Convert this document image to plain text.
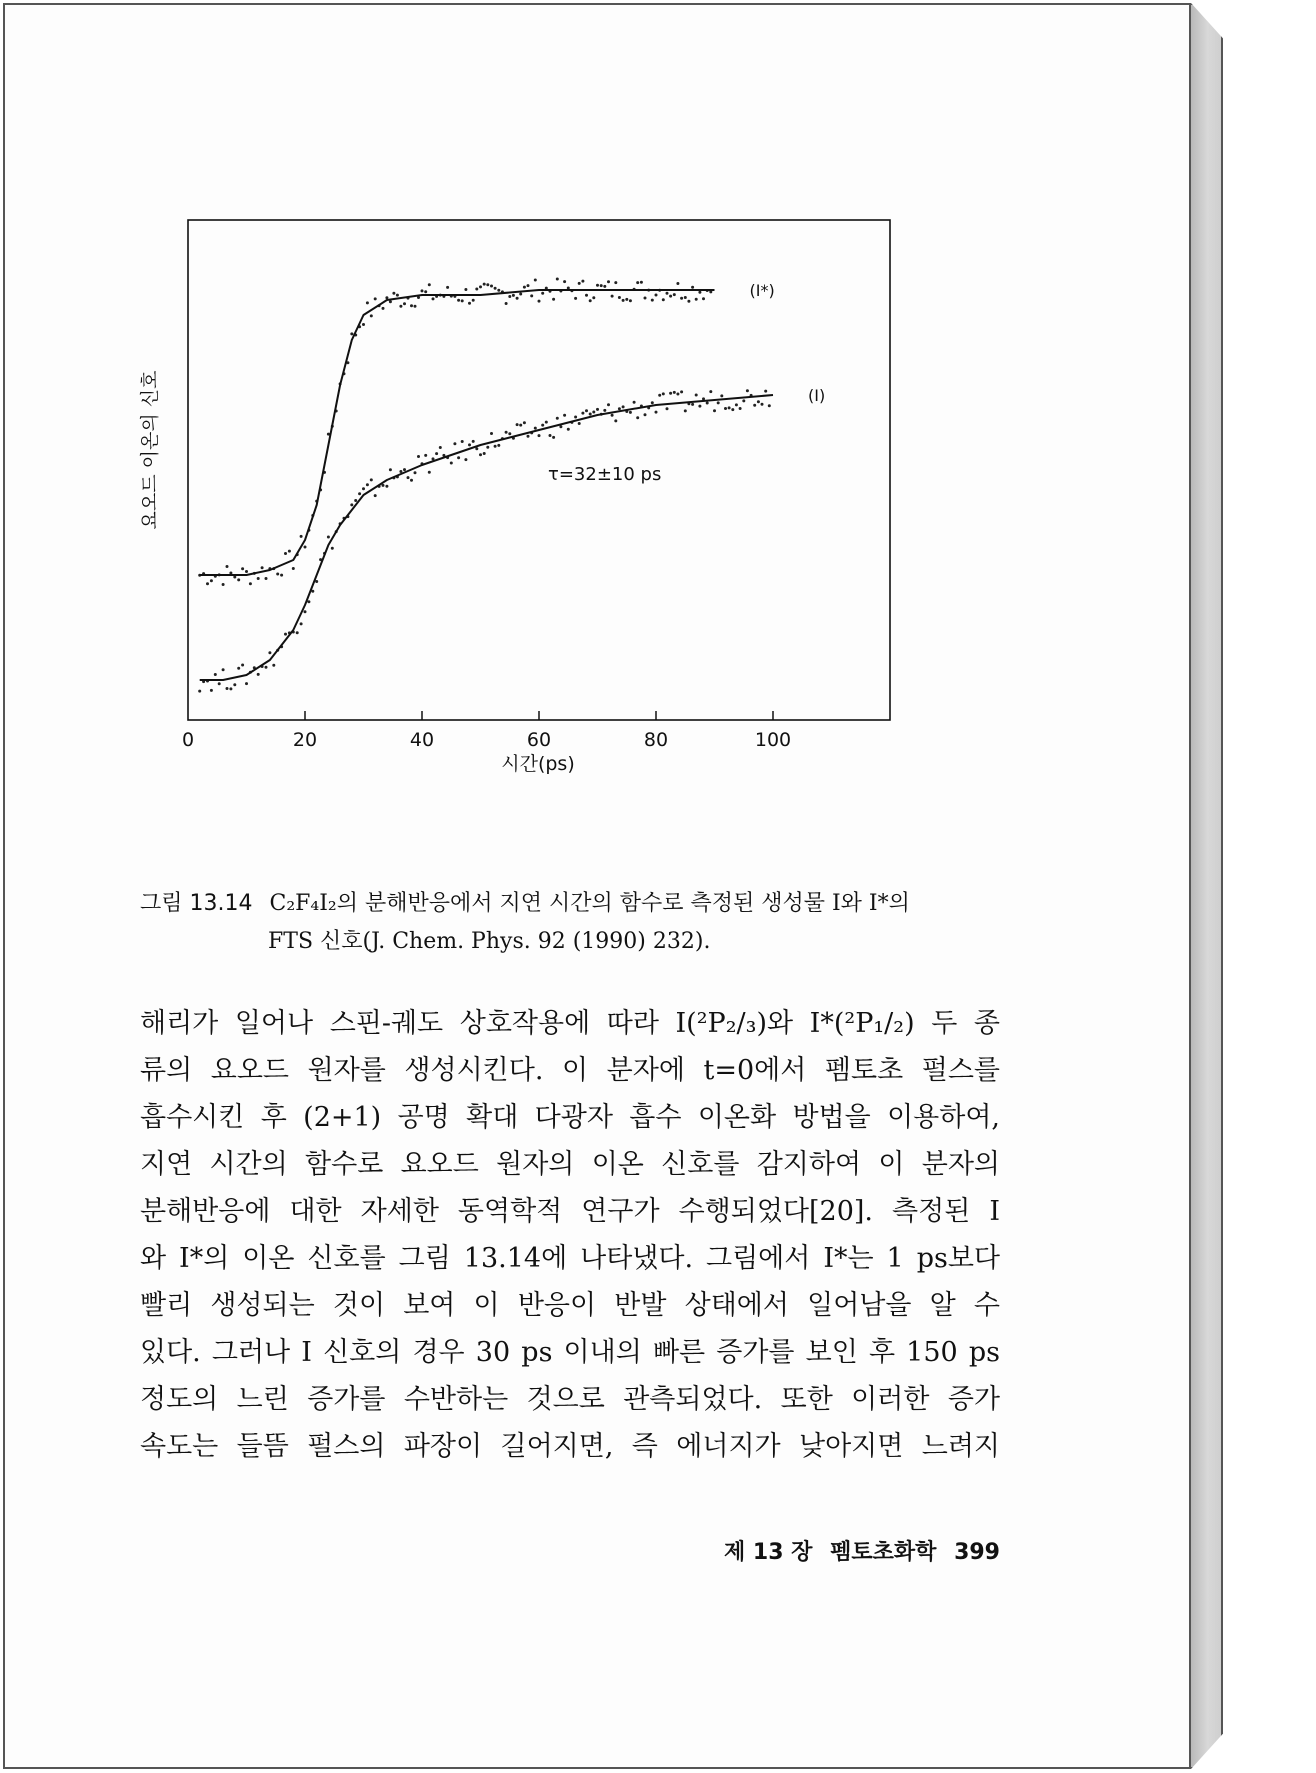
(I*)
(I)
0	20	40	60	80	100
τ=32±10 ps
시간(ps)
요오드 이온의 신호
그림 13.14 C₂F₄I₂의 분해반응에서 지연 시간의 함수로 측정된 생성물 I와 I*의
FTS 신호(J. Chem. Phys. 92 (1990) 232).
해리가 일어나 스핀-궤도 상호작용에 따라 I(²P₂/₃)와 I*(²P₁/₂) 두 종
류의 요오드 원자를 생성시킨다. 이 분자에 t=0에서 펨토초 펄스를
흡수시킨 후 (2+1) 공명 확대 다광자 흡수 이온화 방법을 이용하여,
지연 시간의 함수로 요오드 원자의 이온 신호를 감지하여 이 분자의
분해반응에 대한 자세한 동역학적 연구가 수행되었다[20]. 측정된 I
와 I*의 이온 신호를 그림 13.14에 나타냈다. 그림에서 I*는 1 ps보다
빨리 생성되는 것이 보여 이 반응이 반발 상태에서 일어남을 알 수
있다. 그러나 I 신호의 경우 30 ps 이내의 빠른 증가를 보인 후 150 ps
정도의 느린 증가를 수반하는 것으로 관측되었다. 또한 이러한 증가
속도는 들뜸 펄스의 파장이 길어지면, 즉 에너지가 낮아지면 느려지
제 13 장 펨토초화학 399
